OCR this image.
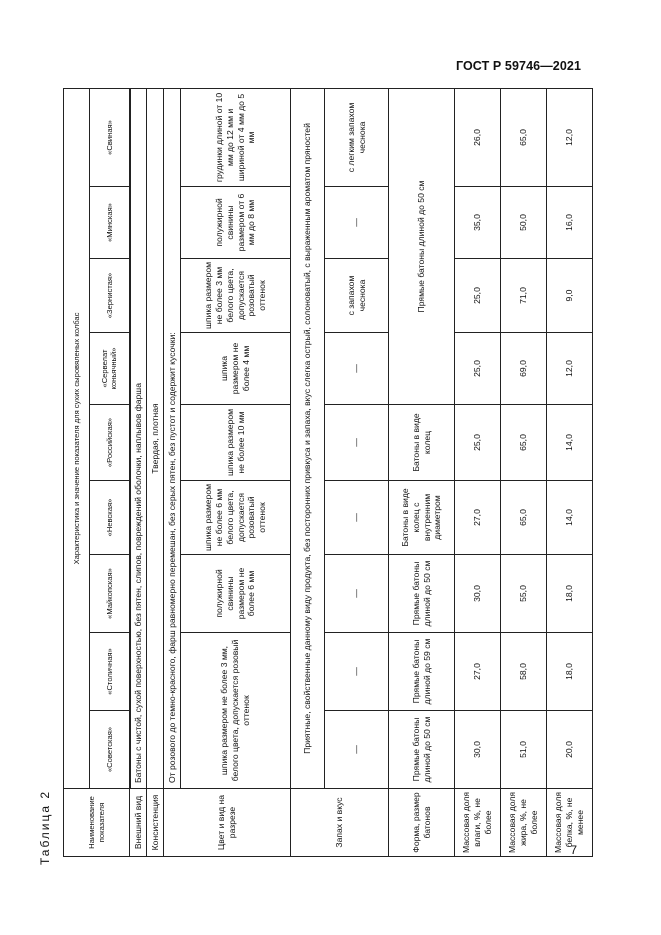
ГОСТ Р 59746—2021
Таблица 2	Наименование показателя	Характеристика и значение показателя для сухих сыровяленых колбас								
	«Советская»	«Столичная»	«Майкопская»	«Невская»	«Российская»	«Сервелат коньячный»	«Зернистая»	«Минская»	«Свиная»
Внешний вид	Батоны с чистой, сухой поверхностью, без пятен, слипов, повреждений оболочки, наплывов фарша								
Консистенция	Твердая, плотная								
Цвет и вид на разрезе	От розового до темно-красного, фарш равномерно перемешан, без серых пятен, без пустот и содержит кусочки:								
	шпика размером не более 3 мм, белого цвета, допускается розовый оттенок		полужирной свинины размером не более 6 мм	шпика размером не более 6 мм белого цвета, допускается розоватый оттенок	шпика размером не более 10 мм	шпика размером не более 4 мм	шпика размером не более 3 мм белого цвета, допускается розоватый оттенок	полужирной свинины размером от 6 мм до 8 мм	грудинки длиной от 10 мм до 12 мм и шириной от 4 мм до 5 мм
Запах и вкус	Приятные, свойственные данному виду продукта, без посторонних привкуса и запаха, вкус слегка острый, солоноватый, с выраженным ароматом пряностей								
	—	—	—	—	—	—	с запахом чеснока	—	с легким запахом чеснока
Форма, размер батонов	Прямые батоны длиной до 50 см	Прямые батоны длиной до 59 см	Прямые батоны длиной до 50 см	Батоны в виде колец с внутренним диаметром	Батоны в виде колец	Прямые батоны длиной до 50 см			
Массовая доля влаги, %, не более	30,0	27,0	30,0	27,0	25,0	25,0	25,0	35,0	26,0
Массовая доля жира, %, не более	51,0	58,0	55,0	65,0	65,0	69,0	71,0	50,0	65,0
Массовая доля белка, %, не менее	20,0	18,0	18,0	14,0	14,0	12,0	9,0	16,0	12,0
7
